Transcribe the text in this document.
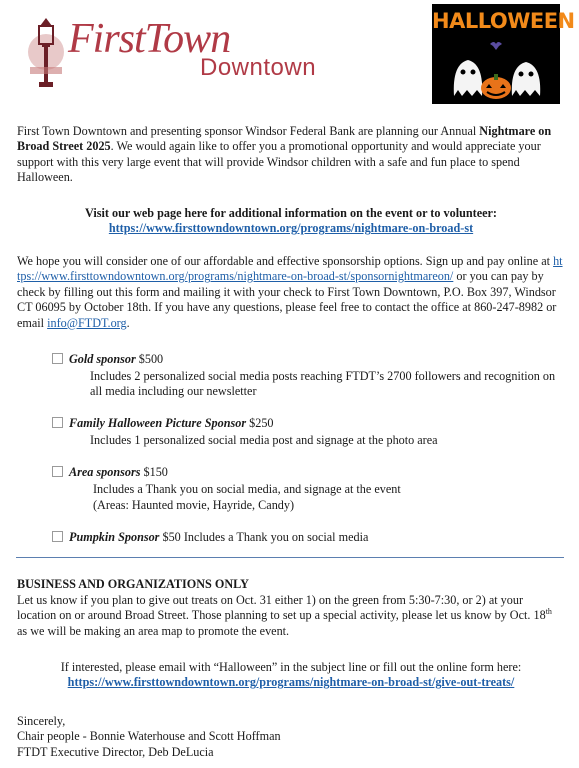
FirstTown
Downtown
HALLOWEEN
First Town Downtown and presenting sponsor Windsor Federal Bank are planning our Annual Nightmare on Broad Street 2025. We would again like to offer you a promotional opportunity and would appreciate your support with this very large event that will provide Windsor children with a safe and fun place to spend Halloween.
Visit our web page here for additional information on the event or to volunteer:
https://www.firsttowndowntown.org/programs/nightmare-on-broad-st
We hope you will consider one of our affordable and effective sponsorship options. Sign up and pay online at https://www.firsttowndowntown.org/programs/nightmare-on-broad-st/sponsornightmareon/ or you can pay by check by filling out this form and mailing it with your check to First Town Downtown, P.O. Box 397, Windsor CT 06095 by October 18th. If you have any questions, please feel free to contact the office at 860-247-8982 or email info@FTDT.org.
Gold sponsor $500
Includes 2 personalized social media posts reaching FTDT’s 2700 followers and recognition on all media including our newsletter
Family Halloween Picture Sponsor $250
Includes 1 personalized social media post and signage at the photo area
Area sponsors $150
Includes a Thank you on social media, and signage at the event
(Areas: Haunted movie, Hayride, Candy)
Pumpkin Sponsor $50 Includes a Thank you on social media
BUSINESS AND ORGANIZATIONS ONLY
Let us know if you plan to give out treats on Oct. 31 either 1) on the green from 5:30-7:30, or 2) at your location on or around Broad Street. Those planning to set up a special activity, please let us know by Oct. 18th as we will be making an area map to promote the event.
If interested, please email with “Halloween” in the subject line or fill out the online form here:
https://www.firsttowndowntown.org/programs/nightmare-on-broad-st/give-out-treats/
Sincerely,
Chair people - Bonnie Waterhouse and Scott Hoffman
FTDT Executive Director, Deb DeLucia
